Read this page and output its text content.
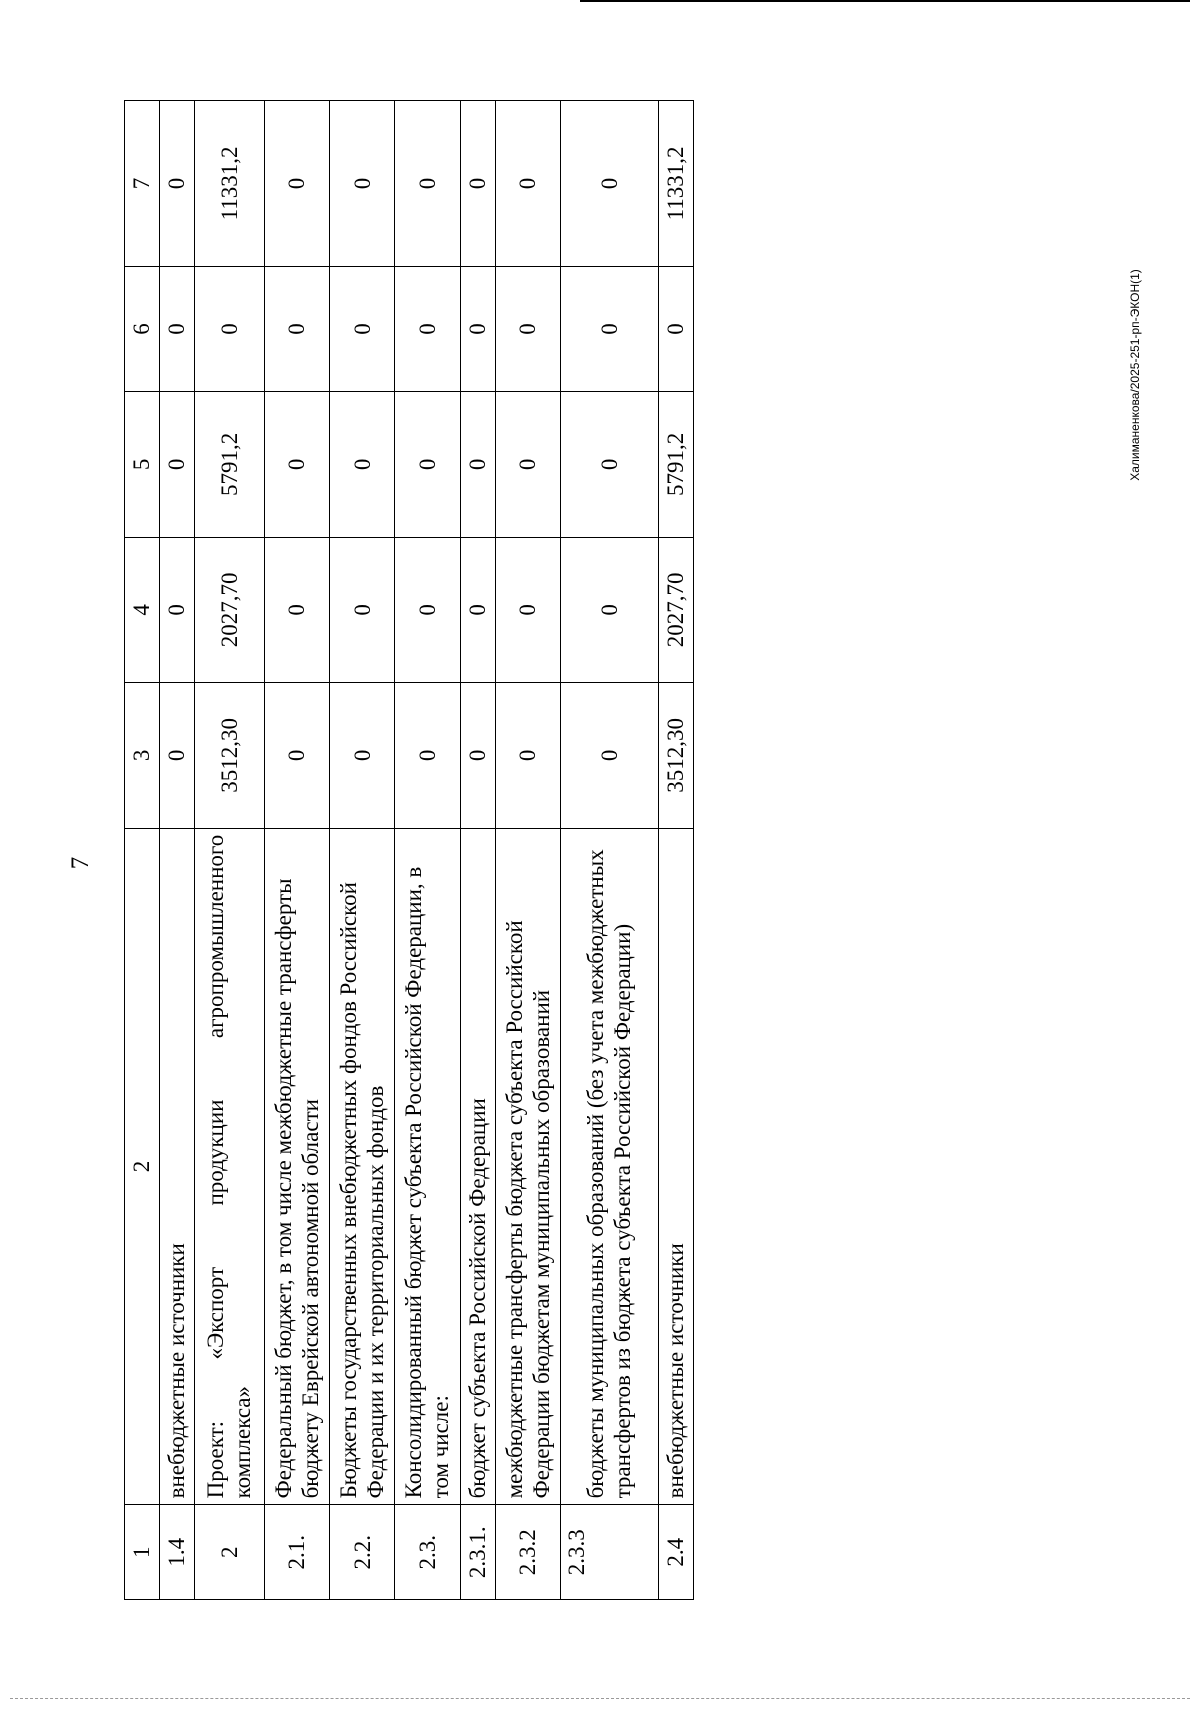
7
1	2	3	4	5	6	7
1.4	внебюджетные источники	0	0	0	0	0
2	Проект:
«Экспорт
продукции
агропромышленного
комплекса»	3512,30	2027,70	5791,2	0	11331,2
2.1.	Федеральный бюджет, в том числе межбюджетные трансферты бюджету Еврейской автономной области	0	0	0	0	0
2.2.	Бюджеты государственных внебюджетных фондов Российской Федерации и их территориальных фондов	0	0	0	0	0
2.3.	Консолидированный бюджет субъекта Российской Федерации, в том числе:	0	0	0	0	0
2.3.1.	бюджет субъекта Российской Федерации	0	0	0	0	0
2.3.2	межбюджетные трансферты бюджета субъекта Российской Федерации бюджетам муниципальных образований	0	0	0	0	0
2.3.3	бюджеты муниципальных образований (без учета межбюджетных трансфертов из бюджета субъекта Российской Федерации)	0	0	0	0	0
2.4	внебюджетные источники	3512,30	2027,70	5791,2	0	11331,2
Халиманенкова/2025-251-рп-ЭКОН(1)
